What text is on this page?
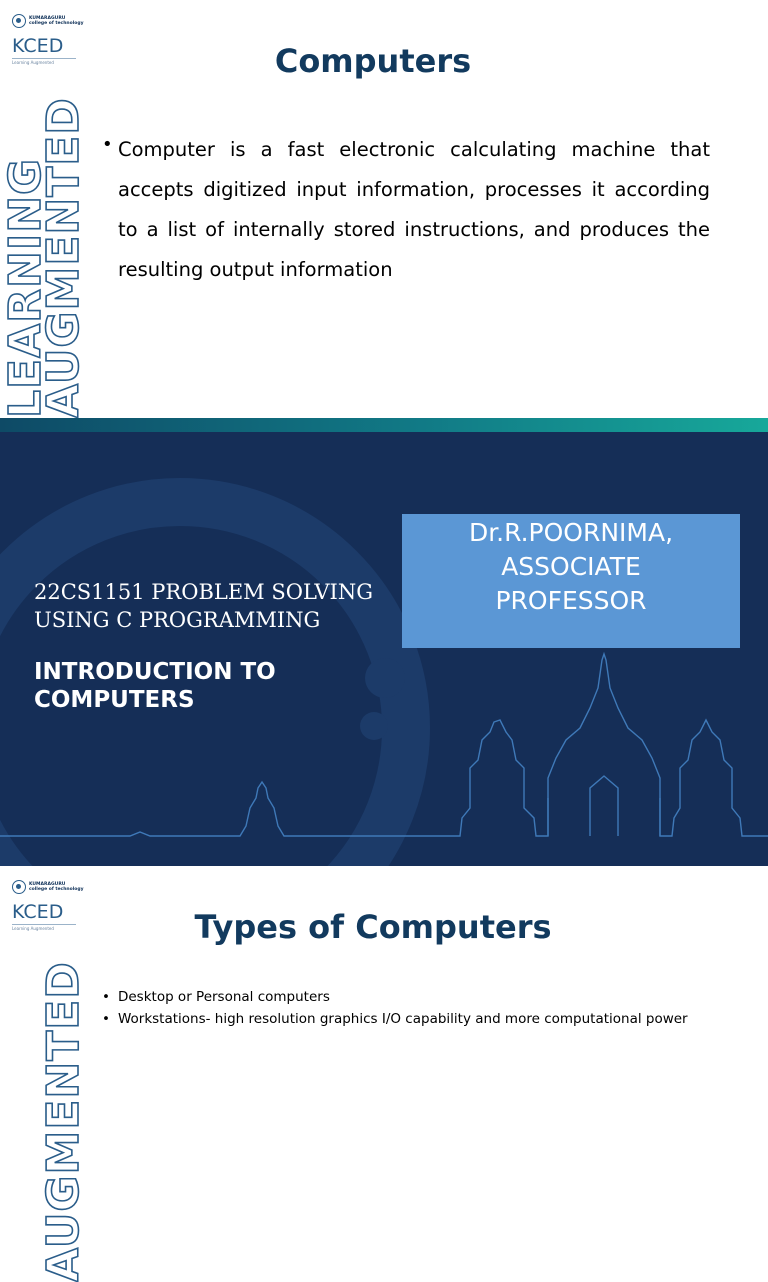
KUMARAGURU
college of technology
KCED
Learning Augmented
LEARNING
AUGMENTED
Computers
• Computer is a fast electronic calculating machine that accepts digitized input information, processes it according to a list of internally stored instructions, and produces the resulting output information

22CS1151 PROBLEM SOLVING USING C PROGRAMMING
INTRODUCTION TO COMPUTERS
Dr.R.POORNIMA,
ASSOCIATE
PROFESSOR
KUMARAGURU
college of technology
KCED
Learning Augmented
AUGMENTED
Types of Computers
• Desktop or Personal computers
• Workstations- high resolution graphics I/O capability and more computational power
